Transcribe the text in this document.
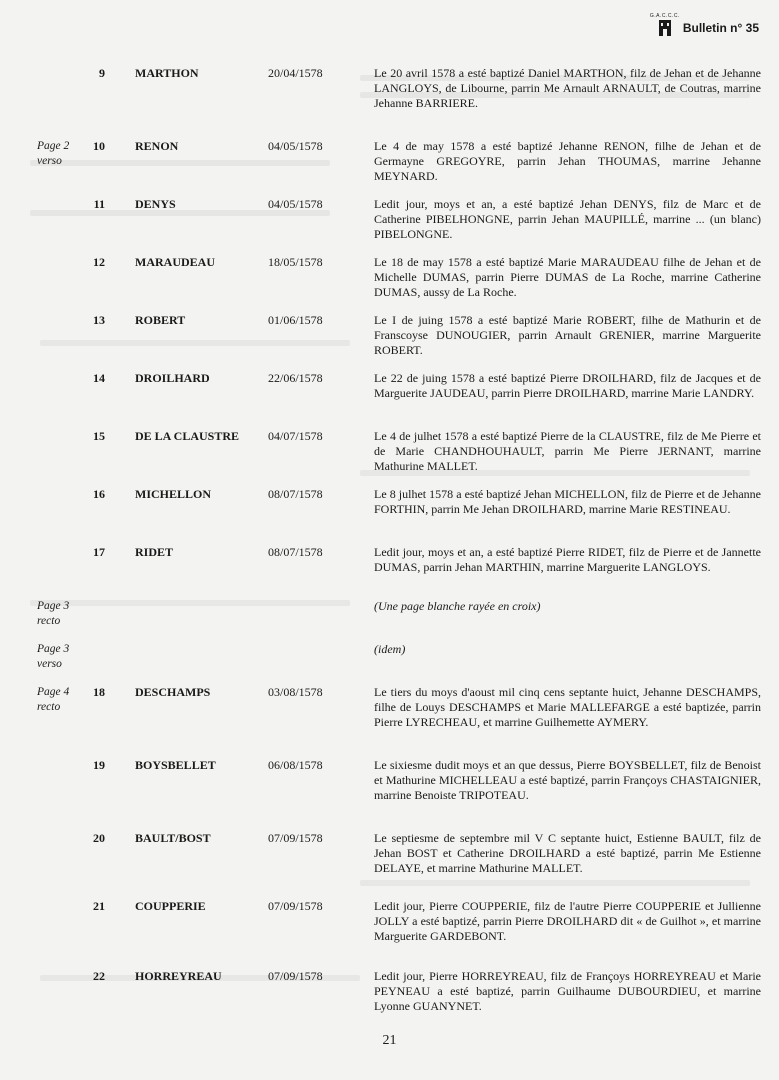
G.A.C.C.C.
Bulletin n° 35
9	MARTHON	20/04/1578	Le 20 avril 1578 a esté baptizé Daniel MARTHON, filz de Jehan et de Jehanne LANGLOYS, de Libourne, parrin Me Arnault ARNAULT, de Coutras, marrine Jehanne BARRIERE.
Page 2 verso
10	RENON	04/05/1578	Le 4 de may 1578 a esté baptizé Jehanne RENON, filhe de Jehan et de Germayne GREGOYRE, parrin Jehan THOUMAS, marrine Jehanne MEYNARD.
11	DENYS	04/05/1578	Ledit jour, moys et an, a esté baptizé Jehan DENYS, filz de Marc et de Catherine PIBELHONGNE, parrin Jehan MAUPILLÉ, marrine ... (un blanc) PIBELONGNE.
12	MARAUDEAU	18/05/1578	Le 18 de may 1578 a esté baptizé Marie MARAUDEAU filhe de Jehan et de Michelle DUMAS, parrin Pierre DUMAS de La Roche, marrine Catherine DUMAS, aussy de La Roche.
13	ROBERT	01/06/1578	Le I de juing 1578 a esté baptizé Marie ROBERT, filhe de Mathurin et de Franscoyse DUNOUGIER, parrin Arnault GRENIER, marrine Marguerite ROBERT.
14	DROILHARD	22/06/1578	Le 22 de juing 1578 a esté baptizé Pierre DROILHARD, filz de Jacques et de Marguerite JAUDEAU, parrin Pierre DROILHARD, marrine Marie LANDRY.
15	DE LA CLAUSTRE 04/07/1578	Le 4 de julhet 1578 a esté baptizé Pierre de la CLAUSTRE, filz de Me Pierre et de Marie CHANDHOUHAULT, parrin Me Pierre JERNANT, marrine Mathurine MALLET.
16	MICHELLON	08/07/1578	Le 8 julhet 1578 a esté baptizé Jehan MICHELLON, filz de Pierre et de Jehanne FORTHIN, parrin Me Jehan DROILHARD, marrine Marie RESTINEAU.
17	RIDET	08/07/1578	Ledit jour, moys et an, a esté baptizé Pierre RIDET, filz de Pierre et de Jannette DUMAS, parrin Jehan MARTHIN, marrine Marguerite LANGLOYS.
Page 3 recto
(Une page blanche rayée en croix)
Page 3 verso
(idem)
Page 4 recto
18	DESCHAMPS	03/08/1578	Le tiers du moys d'aoust mil cinq cens septante huict, Jehanne DESCHAMPS, filhe de Louys DESCHAMPS et Marie MALLEFARGE a esté baptizée, parrin Pierre LYRECHEAU, et marrine Guilhemette AYMERY.
19	BOYSBELLET	06/08/1578	Le sixiesme dudit moys et an que dessus, Pierre BOYSBELLET, filz de Benoist et Mathurine MICHELLEAU a esté baptizé, parrin Françoys CHASTAIGNIER, marrine Benoiste TRIPOTEAU.
20	BAULT/BOST	07/09/1578	Le septiesme de septembre mil V C septante huict, Estienne BAULT, filz de Jehan BOST et Catherine DROILHARD a esté baptizé, parrin Me Estienne DELAYE, et marrine Mathurine MALLET.
21	COUPPERIE	07/09/1578	Ledit jour, Pierre COUPPERIE, filz de l'autre Pierre COUPPERIE et Jullienne JOLLY a esté baptizé, parrin Pierre DROILHARD dit « de Guilhot », et marrine Marguerite GARDEBONT.
22	HORREYREAU	07/09/1578	Ledit jour, Pierre HORREYREAU, filz de Françoys HORREYREAU et Marie PEYNEAU a esté baptizé, parrin Guilhaume DUBOURDIEU, et marrine Lyonne GUANYNET.
21
